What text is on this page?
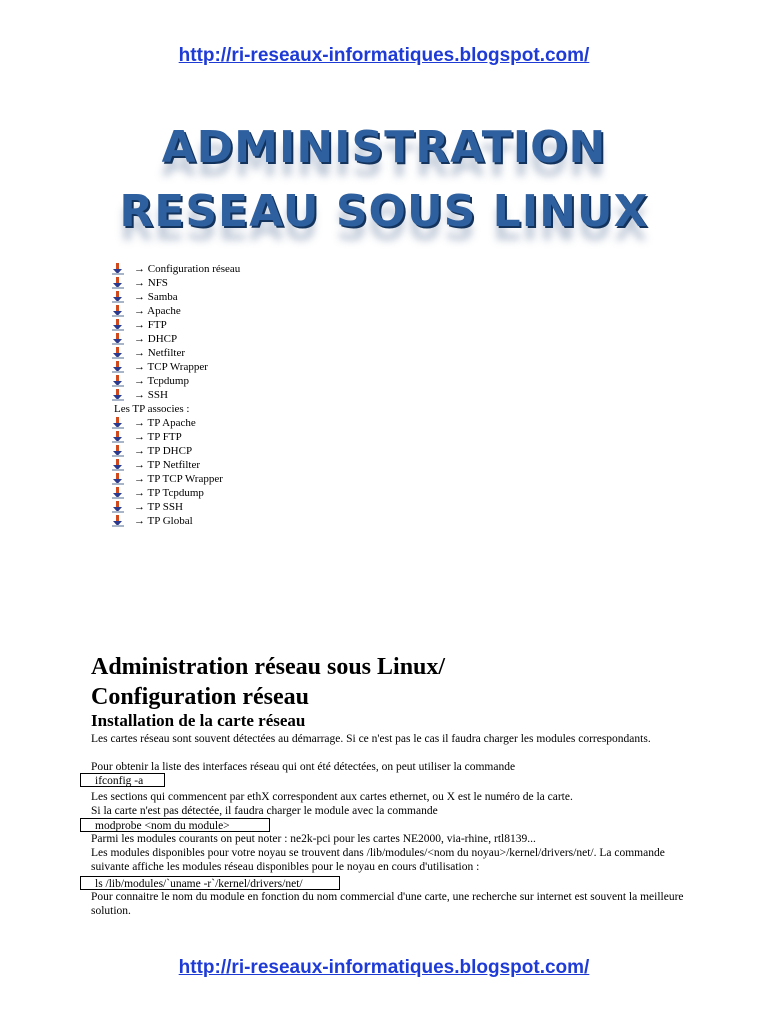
http://ri-reseaux-informatiques.blogspot.com/
ADMINISTRATION
RESEAU SOUS LINUX
→ Configuration réseau
→ NFS
→ Samba
→ Apache
→ FTP
→ DHCP
→ Netfilter
→ TCP Wrapper
→ Tcpdump
→ SSH
Les TP associes :
→ TP Apache
→ TP FTP
→ TP DHCP
→ TP Netfilter
→ TP TCP Wrapper
→ TP Tcpdump
→ TP SSH
→ TP Global
Administration réseau sous Linux/
Configuration réseau
Installation de la carte réseau
Les cartes réseau sont souvent détectées au démarrage. Si ce n'est pas le cas il faudra charger les modules correspondants.
Pour obtenir la liste des interfaces réseau qui ont été détectées, on peut utiliser la commande
ifconfig -a
Les sections qui commencent par ethX correspondent aux cartes ethernet, ou X est le numéro de la carte.
Si la carte n'est pas détectée, il faudra charger le module avec la commande
modprobe <nom du module>
Parmi les modules courants on peut noter : ne2k-pci pour les cartes NE2000, via-rhine, rtl8139...
Les modules disponibles pour votre noyau se trouvent dans /lib/modules/<nom du noyau>/kernel/drivers/net/. La commande suivante affiche les modules réseau disponibles pour le noyau en cours d'utilisation :
ls /lib/modules/`uname -r`/kernel/drivers/net/
Pour connaitre le nom du module en fonction du nom commercial d'une carte, une recherche sur internet est souvent la meilleure solution.
http://ri-reseaux-informatiques.blogspot.com/
